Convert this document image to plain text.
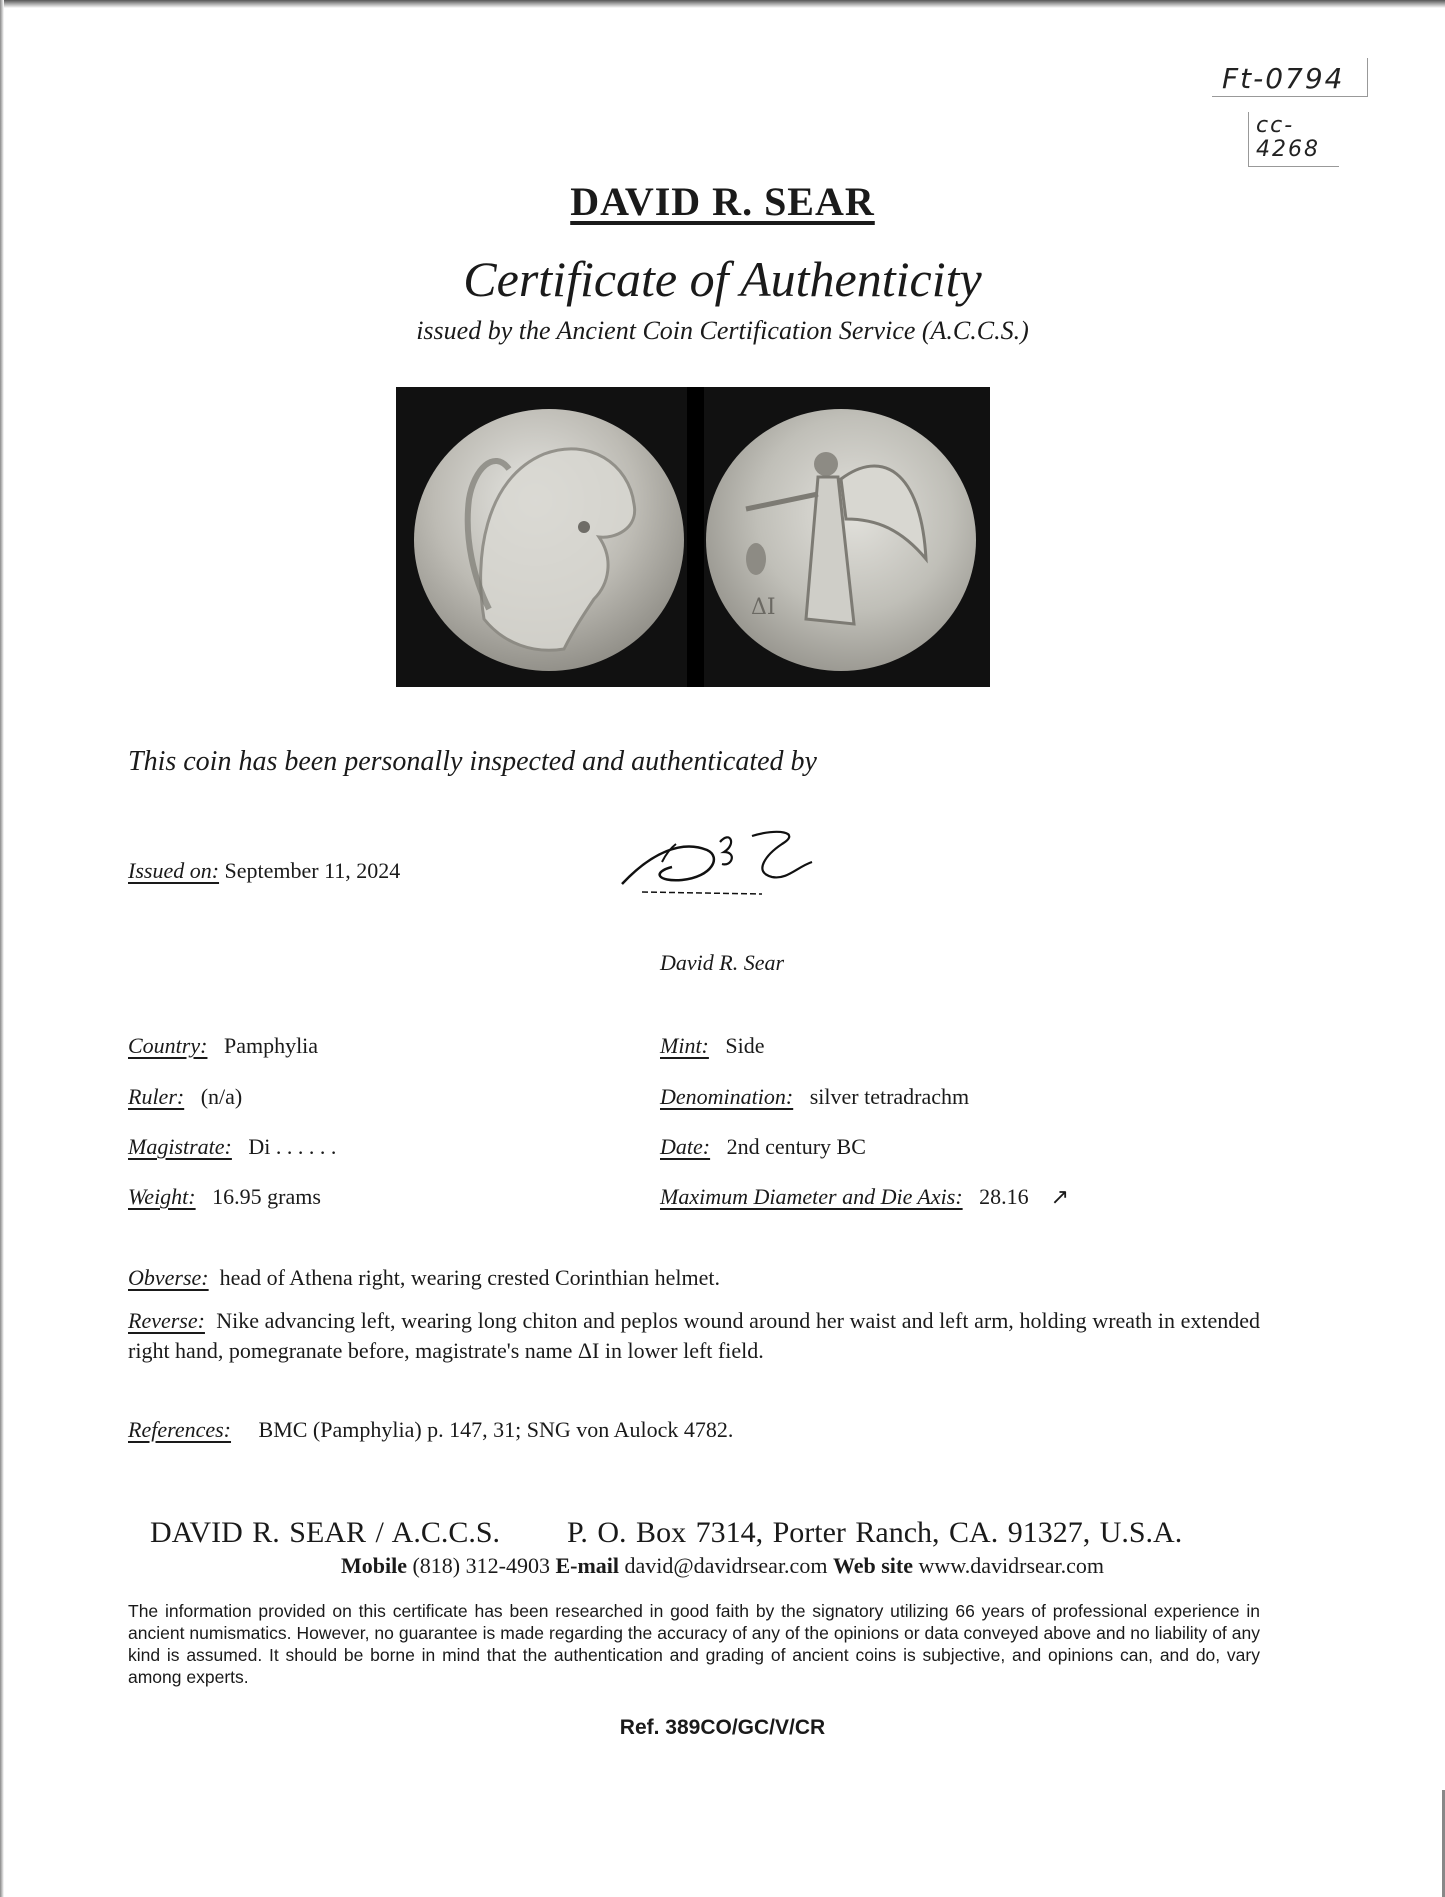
Ft-0794
cc-
4268
DAVID R. SEAR
Certificate of Authenticity
issued by the Ancient Coin Certification Service (A.C.C.S.)
ΔI
This coin has been personally inspected and authenticated by
Issued on: September 11, 2024
David R. Sear
Country: Pamphylia
Ruler: (n/a)
Magistrate: Di . . . . . .
Weight: 16.95 grams
Mint: Side
Denomination: silver tetradrachm
Date: 2nd century BC
Maximum Diameter and Die Axis: 28.16 ↗
Obverse: head of Athena right, wearing crested Corinthian helmet.
Reverse: Nike advancing left, wearing long chiton and peplos wound around her waist and left arm, holding wreath in extended right hand, pomegranate before, magistrate's name ΔI in lower left field.
References: BMC (Pamphylia) p. 147, 31; SNG von Aulock 4782.
DAVID R. SEAR / A.C.C.S. P. O. Box 7314, Porter Ranch, CA. 91327, U.S.A.
Mobile (818) 312-4903 E-mail david@davidrsear.com Web site www.davidrsear.com
The information provided on this certificate has been researched in good faith by the signatory utilizing 66 years of professional experience in ancient numismatics. However, no guarantee is made regarding the accuracy of any of the opinions or data conveyed above and no liability of any kind is assumed. It should be borne in mind that the authentication and grading of ancient coins is subjective, and opinions can, and do, vary among experts.
Ref. 389CO/GC/V/CR
